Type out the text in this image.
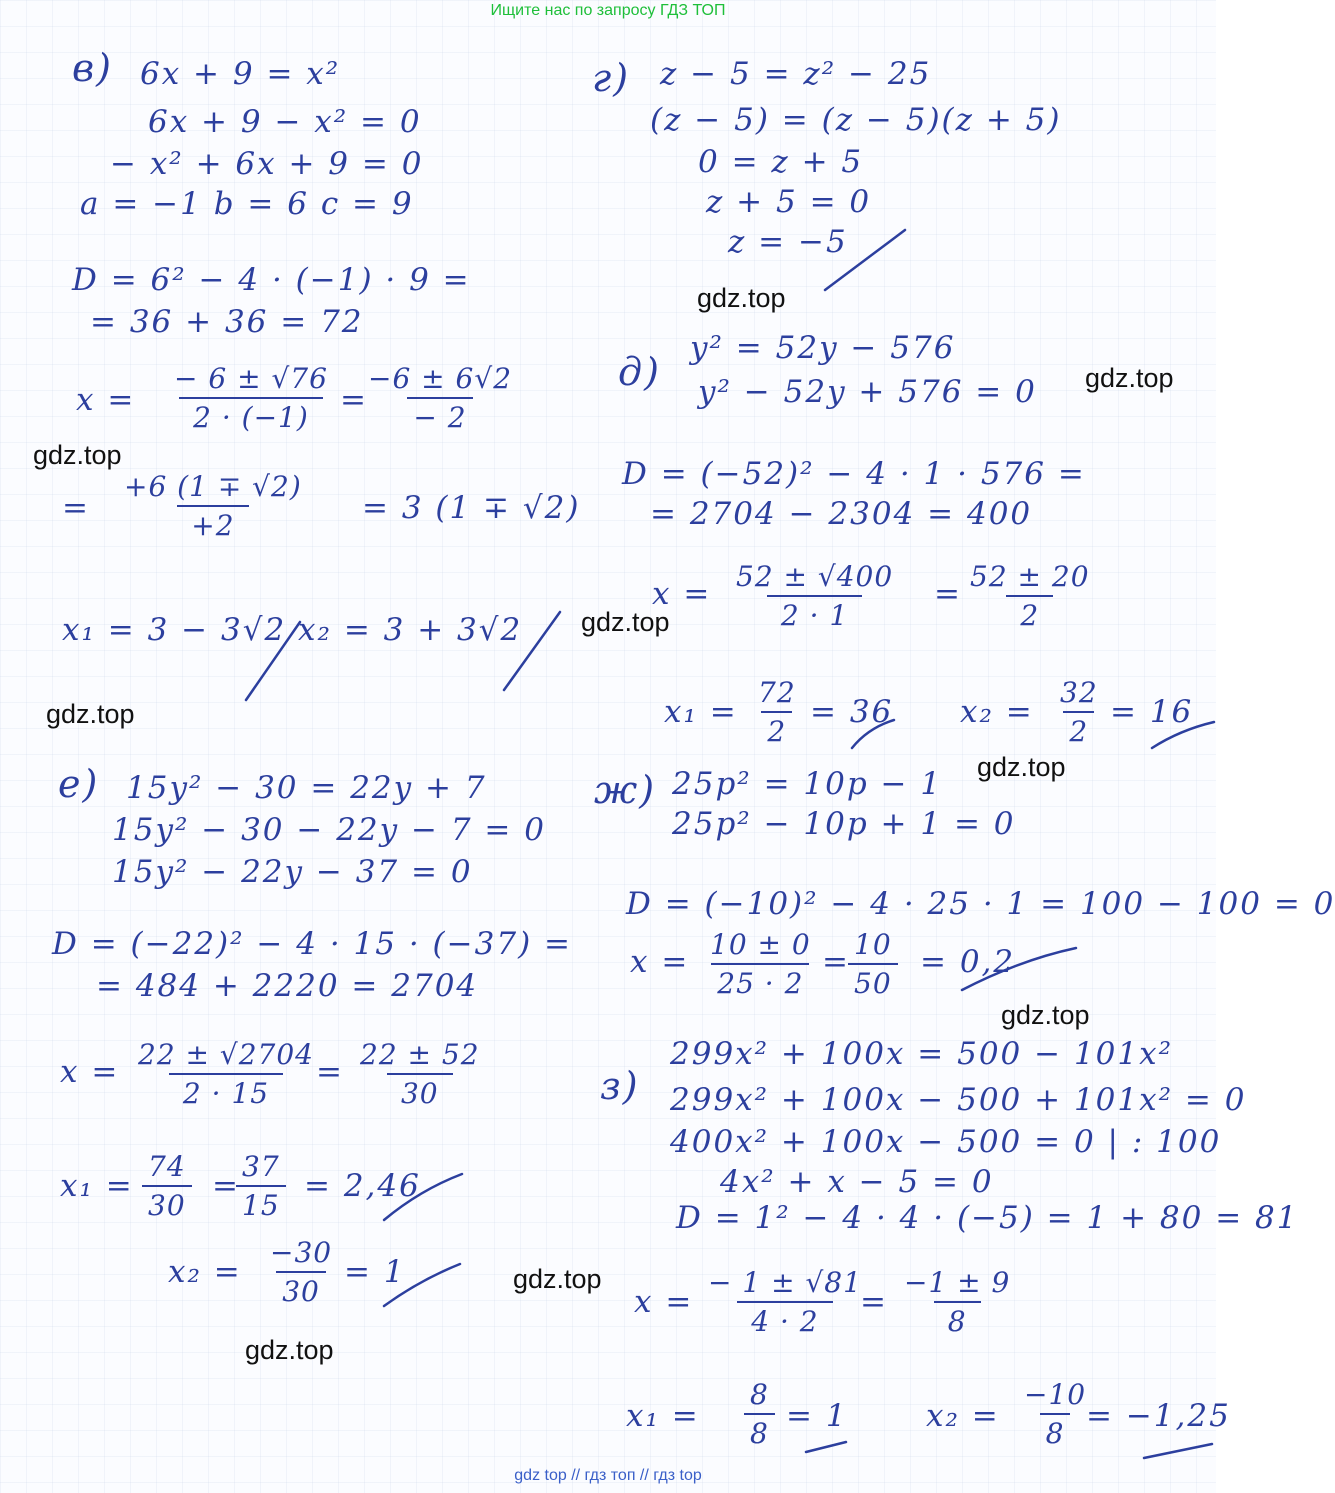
Ищите нас по запросу ГДЗ ТОП
gdz.top
gdz.top
gdz.top
gdz.top
gdz.top
gdz.top
gdz.top
gdz.top
gdz.top
в) 6x + 9 = x²
6x + 9 − x² = 0
− x² + 6x + 9 = 0
a = −1 b = 6 c = 9
D = 6² − 4 · (−1) · 9 =
= 36 + 36 = 72
$x = \frac{- 6 \pm √76}{2 \cdot (-1)}$
=
$\frac{-6 \pm 6√2}{- 2}$
= $\frac{+6 (1 \mp √2)}{+2} = 3$ (1 ∓ √2)
x₁ = 3 − 3√2 x₂ = 3 + 3√2
г) z − 5 = z² − 25
(z − 5) = (z − 5)(z + 5)
0 = z + 5
z + 5 = 0
z = −5
д)
y² = 52y − 576
y² − 52y + 576 = 0
D = (−52)² − 4 · 1 · 576 =
= 2704 − 2304 = 400
$x = \frac{52 \pm √400}{2 \cdot 1}$ =
$\frac{52 \pm 20}{2}$
$x_1 = \frac{72}{2} = 36$ $x_2 = \frac{32}{2} = 16$
е) 15y² − 30 = 22y + 7
15y² − 30 − 22y − 7 = 0
15y² − 22y − 37 = 0
D = (−22)² − 4 · 15 · (−37) =
= 484 + 2220 = 2704
$x = \frac{22 \pm √2704}{2 \cdot 15}$
= $\frac{22 \pm 52}{30}$
$x_1 = \frac{74}{30}$ =
$\frac{37}{15} = 2,46$
$x_2 = \frac{-30}{30} = 1$
ж) 25p² = 10p − 1
25p² − 10p + 1 = 0
D = (−10)² − 4 · 25 · 1 = 100 − 100 = 0
$x = \frac{10 \pm 0}{25 \cdot 2}$ =
$\frac{10}{50} = 0,2$
з)
299x² + 100x = 500 − 101x²
299x² + 100x − 500 + 101x² = 0
400x² + 100x − 500 = 0 | : 100
4x² + x − 5 = 0
D = 1² − 4 · 4 · (−5) = 1 + 80 = 81
$x = \frac{- 1 \pm √81}{4 \cdot 2}$
= $\frac{-1 \pm 9}{8}$
$x_1 = \frac{8}{8} = 1$	$x_2 = \frac{-10}{8}$
= −1,25
gdz top // гдз топ // гдз top
